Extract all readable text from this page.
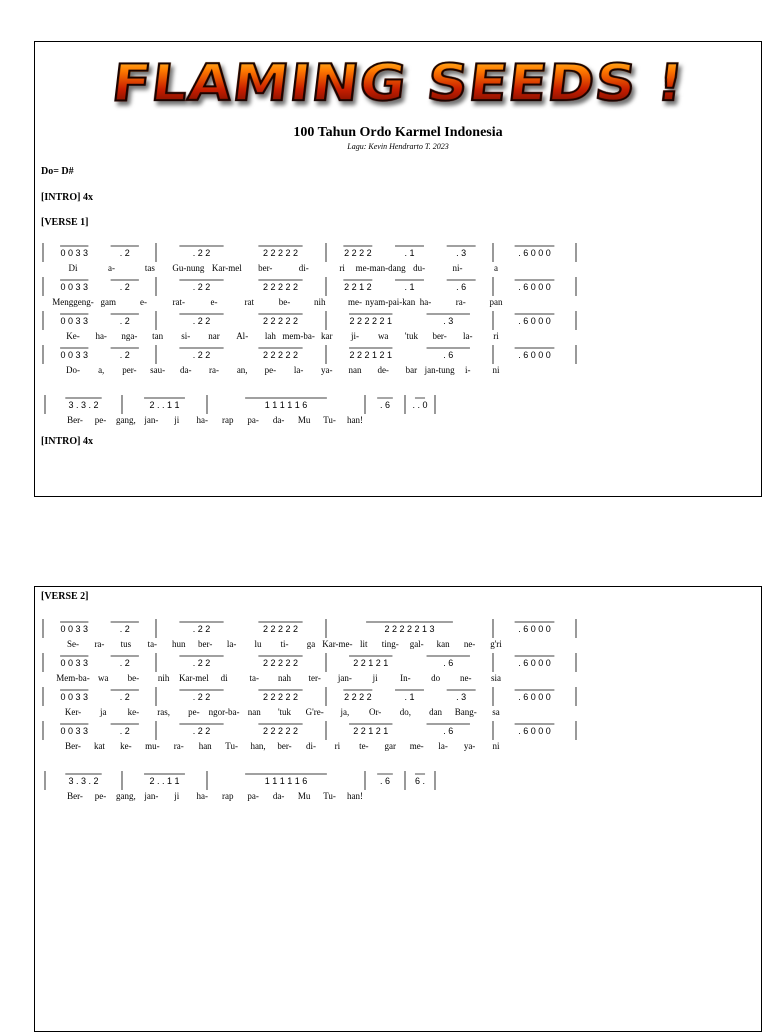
FLAMING SEEDS !
100 Tahun Ordo Karmel Indonesia
Lagu: Kevin Hendrarto T. 2023
Do= D#
[INTRO] 4x
[VERSE 1]
[INTRO] 4x
0 0 3 3	. 2	. 2 2	2 2 2 2 2	2 2 2 2	. 1	. 3	. 6 0 0 0
Di	a-	tas Gu-nung Kar-mel ber-	di-	ri me-man-dang du-	ni-	a
0 0 3 3	. 2	. 2 2	2 2 2 2 2	2 2 1 2	. 1	. 6	. 6 0 0 0
Menggeng- gam	e-	rat-	e-	rat	be-	nih me- nyam-pai-kan ha-	ra-	pan
0 0 3 3	. 2	. 2 2	2 2 2 2 2	2 2 2 2 2 1	. 3	. 6 0 0 0
Ke- ha- nga- tan si- nar Al- lah mem-ba- kar ji- wa 'tuk ber- la- ri
0 0 3 3	. 2	. 2 2	2 2 2 2 2	2 2 2 1 2 1	. 6	. 6 0 0 0
Do- a, per- sau- da- ra- an, pe- la- ya- nan de- bar jan-tung i- ni
3 . 3 . 2	2 . . 1 1	1 1 1 1 1 6	. 6 . . 0
Ber- pe- gang, jan- ji ha- rap pa- da- Mu Tu- han!
[VERSE 2]
0 0 3 3	. 2	. 2 2	2 2 2 2 2	2 2 2 2 2 1 3	. 6 0 0 0
Se- ra- tus ta- hun ber- la- lu ti- ga Kar-me- lit ting- gal- kan ne- g'ri
0 0 3 3	. 2	. 2 2	2 2 2 2 2	2 2 1 2 1	. 6	. 6 0 0 0
Mem-ba- wa be- nih Kar-mel di ta- nah ter- jan- ji In- do ne- sia
0 0 3 3	. 2	. 2 2	2 2 2 2 2	2 2 2 2	. 1	. 3	. 6 0 0 0
Ker- ja ke- ras, pe- ngor-ba- nan 'tuk G're- ja, Or- do, dan Bang- sa
0 0 3 3	. 2	. 2 2	2 2 2 2 2	2 2 1 2 1	. 6	. 6 0 0 0
Ber- kat ke- mu- ra- han Tu- han, ber- di- ri te- gar me- la- ya- ni
3 . 3 . 2	2 . . 1 1	1 1 1 1 1 6	. 6	6 .
Ber- pe- gang, jan- ji ha- rap pa- da- Mu Tu- han!
